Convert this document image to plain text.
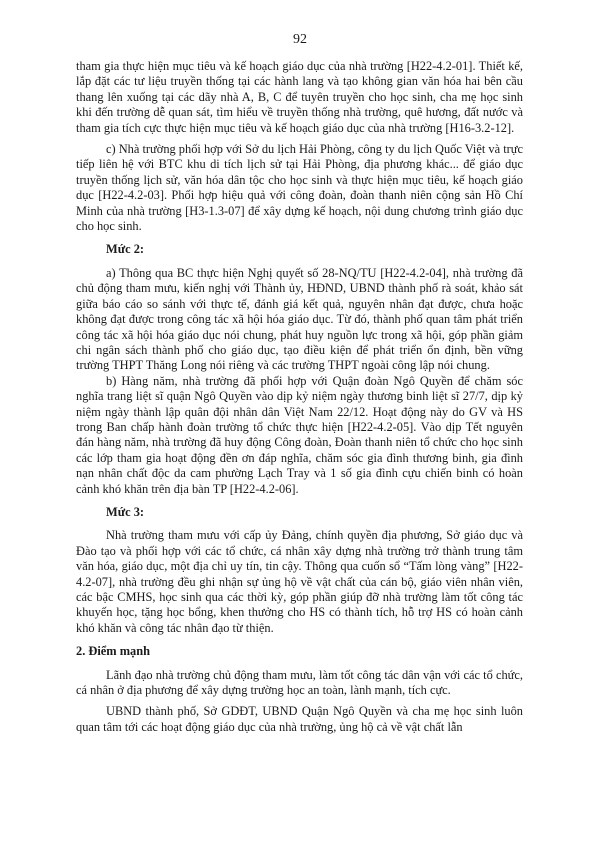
92

tham gia thực hiện mục tiêu và kế hoạch giáo dục của nhà trường [H22-4.2-01]. Thiết kế, lắp đặt các tư liệu truyền thống tại các hành lang và tạo không gian văn hóa hai bên cầu thang lên xuống tại các dãy nhà A, B, C để tuyên truyền cho học sinh, cha mẹ học sinh khi đến trường dễ quan sát, tìm hiểu về truyền thống nhà trường, quê hương, đất nước và tham gia tích cực thực hiện mục tiêu và kế hoạch giáo dục của nhà trường [H16-3.2-12].

c) Nhà trường phối hợp với Sở du lịch Hải Phòng, công ty du lịch Quốc Việt và trực tiếp liên hệ với BTC khu di tích lịch sử tại Hải Phòng, địa phương khác... để giáo dục truyền thống lịch sử, văn hóa dân tộc cho học sinh và thực hiện mục tiêu, kế hoạch giáo dục [H22-4.2-03]. Phối hợp hiệu quả với công đoàn, đoàn thanh niên cộng sản Hồ Chí Minh của nhà trường [H3-1.3-07] để xây dựng kế hoạch, nội dung chương trình giáo dục cho học sinh.

Mức 2:

a) Thông qua BC thực hiện Nghị quyết số 28-NQ/TU [H22-4.2-04], nhà trường đã chủ động tham mưu, kiến nghị với Thành ủy, HĐND, UBND thành phố rà soát, khảo sát giữa báo cáo so sánh với thực tế, đánh giá kết quả, nguyên nhân đạt được, chưa hoặc không đạt được trong công tác xã hội hóa giáo dục. Từ đó, thành phố quan tâm phát triển công tác xã hội hóa giáo dục nói chung, phát huy nguồn lực trong xã hội, góp phần giảm chi ngân sách thành phố cho giáo dục, tạo điều kiện để phát triển ổn định, bền vững trường THPT Thăng Long nói riêng và các trường THPT ngoài công lập nói chung.

b) Hàng năm, nhà trường đã phối hợp với Quận đoàn Ngô Quyền để chăm sóc nghĩa trang liệt sĩ quận Ngô Quyền vào dịp kỷ niệm ngày thương binh liệt sĩ 27/7, dịp kỷ niệm ngày thành lập quân đội nhân dân Việt Nam 22/12. Hoạt động này do GV và HS trong Ban chấp hành đoàn trường tổ chức thực hiện [H22-4.2-05]. Vào dịp Tết nguyên đán hàng năm, nhà trường đã huy động Công đoàn, Đoàn thanh niên tổ chức cho học sinh các lớp tham gia hoạt động đền ơn đáp nghĩa, chăm sóc gia đình thương binh, gia đình nạn nhân chất độc da cam phường Lạch Tray và 1 số gia đình cựu chiến binh có hoàn cảnh khó khăn trên địa bàn TP [H22-4.2-06].

Mức 3:

Nhà trường tham mưu với cấp ủy Đảng, chính quyền địa phương, Sở giáo dục và Đào tạo và phối hợp với các tổ chức, cá nhân xây dựng nhà trường trở thành trung tâm văn hóa, giáo dục, một địa chỉ uy tín, tin cậy. Thông qua cuốn sổ “Tấm lòng vàng” [H22-4.2-07], nhà trường đều ghi nhận sự ủng hộ về vật chất của cán bộ, giáo viên nhân viên, các bậc CMHS, học sinh qua các thời kỳ, góp phần giúp đỡ nhà trường làm tốt công tác khuyến học, tặng học bổng, khen thưởng cho HS có thành tích, hỗ trợ HS có hoàn cảnh khó khăn và công tác nhân đạo từ thiện.

2. Điểm mạnh

Lãnh đạo nhà trường chủ động tham mưu, làm tốt công tác dân vận với các tổ chức, cá nhân ở địa phương để xây dựng trường học an toàn, lành mạnh, tích cực.

UBND thành phố, Sở GDĐT, UBND Quận Ngô Quyền và cha mẹ học sinh luôn quan tâm tới các hoạt động giáo dục của nhà trường, ủng hộ cả về vật chất lẫn
